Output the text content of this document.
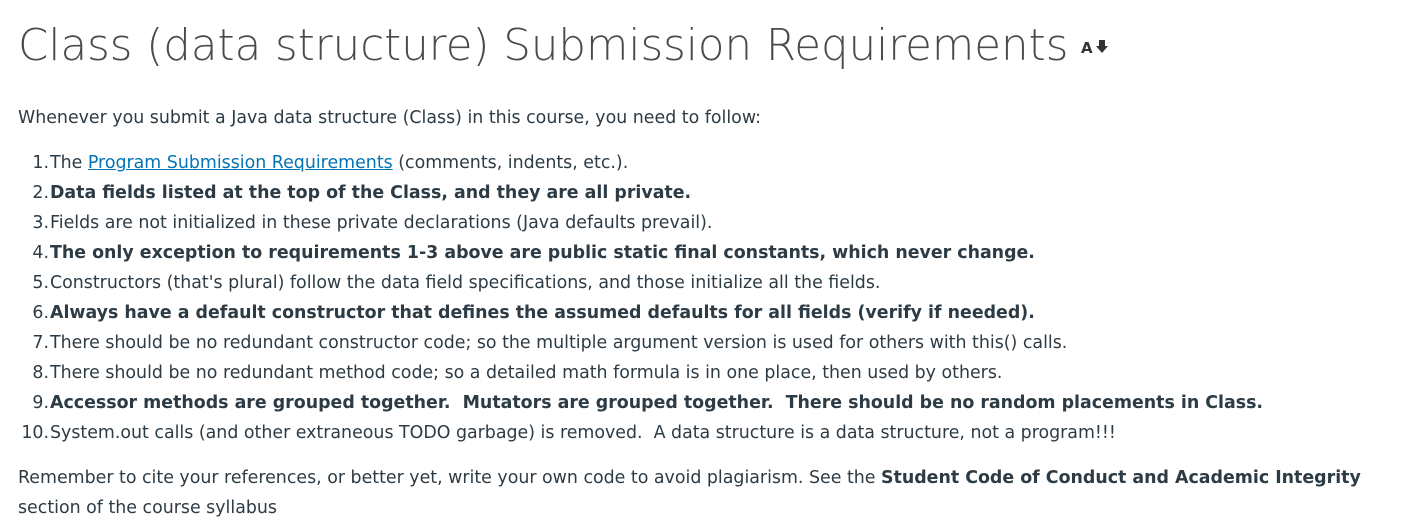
Class (data structure) Submission Requirements A
Whenever you submit a Java data structure (Class) in this course, you need to follow:
1. The Program Submission Requirements (comments, indents, etc.).
2. Data fields listed at the top of the Class, and they are all private.
3. Fields are not initialized in these private declarations (Java defaults prevail).
4. The only exception to requirements 1-3 above are public static final constants, which never change.
5. Constructors (that's plural) follow the data field specifications, and those initialize all the fields.
6. Always have a default constructor that defines the assumed defaults for all fields (verify if needed).
7. There should be no redundant constructor code; so the multiple argument version is used for others with this() calls.
8. There should be no redundant method code; so a detailed math formula is in one place, then used by others.
9. Accessor methods are grouped together.  Mutators are grouped together.  There should be no random placements in Class.
10. System.out calls (and other extraneous TODO garbage) is removed.  A data structure is a data structure, not a program!!!
Remember to cite your references, or better yet, write your own code to avoid plagiarism. See the Student Code of Conduct and Academic Integrity section of the course syllabus
